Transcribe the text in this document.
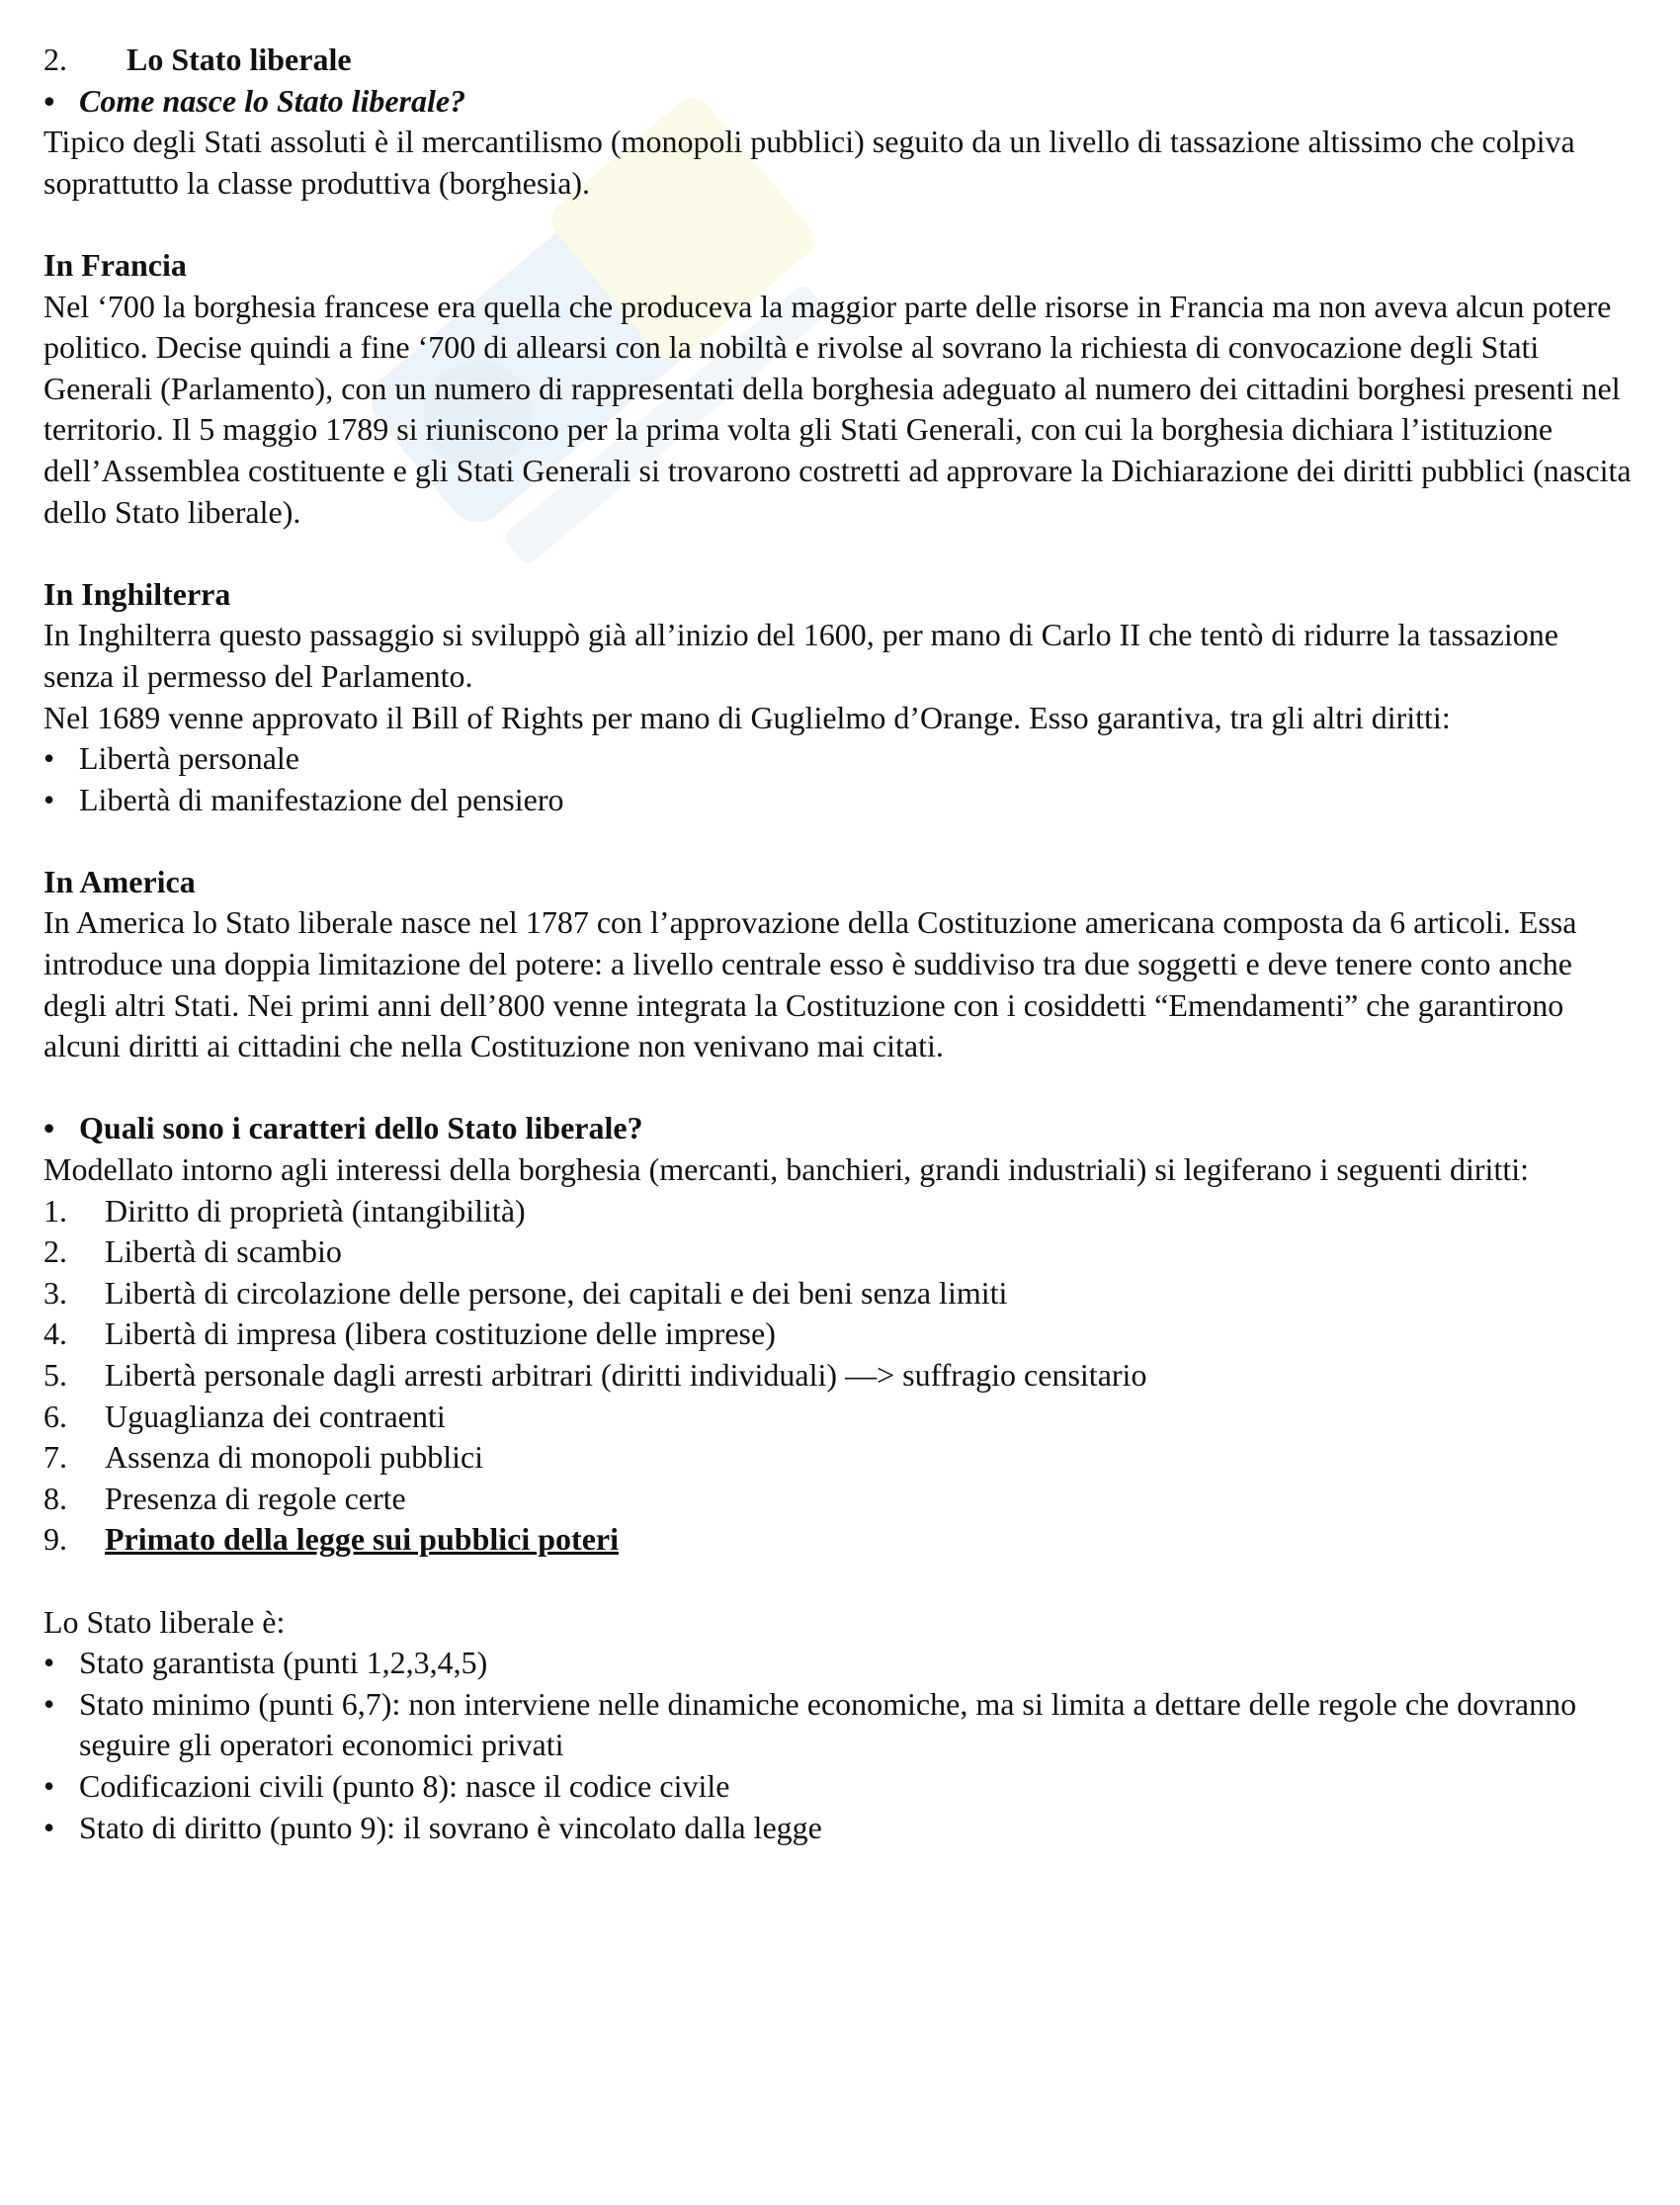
2. Lo Stato liberale

• Come nasce lo Stato liberale?

Tipico degli Stati assoluti è il mercantilismo (monopoli pubblici) seguito da un livello di tassazione altissimo che colpiva soprattutto la classe produttiva (borghesia).

In Francia

Nel ‘700 la borghesia francese era quella che produceva la maggior parte delle risorse in Francia ma non aveva alcun potere politico. Decise quindi a fine ‘700 di allearsi con la nobiltà e rivolse al sovrano la richiesta di convocazione degli Stati Generali (Parlamento), con un numero di rappresentati della borghesia adeguato al numero dei cittadini borghesi presenti nel territorio. Il 5 maggio 1789 si riuniscono per la prima volta gli Stati Generali, con cui la borghesia dichiara l’istituzione dell’Assemblea costituente e gli Stati Generali si trovarono costretti ad approvare la Dichiarazione dei diritti pubblici (nascita dello Stato liberale).

In Inghilterra

In Inghilterra questo passaggio si sviluppò già all’inizio del 1600, per mano di Carlo II che tentò di ridurre la tassazione senza il permesso del Parlamento.

Nel 1689 venne approvato il Bill of Rights per mano di Guglielmo d’Orange. Esso garantiva, tra gli altri diritti:

• Libertà personale

• Libertà di manifestazione del pensiero

In America

In America lo Stato liberale nasce nel 1787 con l’approvazione della Costituzione americana composta da 6 articoli. Essa introduce una doppia limitazione del potere: a livello centrale esso è suddiviso tra due soggetti e deve tenere conto anche degli altri Stati. Nei primi anni dell’800 venne integrata la Costituzione con i cosiddetti “Emendamenti” che garantirono alcuni diritti ai cittadini che nella Costituzione non venivano mai citati.

• Quali sono i caratteri dello Stato liberale?

Modellato intorno agli interessi della borghesia (mercanti, banchieri, grandi industriali) si legiferano i seguenti diritti:

1. Diritto di proprietà (intangibilità)

2. Libertà di scambio

3. Libertà di circolazione delle persone, dei capitali e dei beni senza limiti

4. Libertà di impresa (libera costituzione delle imprese)

5. Libertà personale dagli arresti arbitrari (diritti individuali) —> suffragio censitario

6. Uguaglianza dei contraenti

7. Assenza di monopoli pubblici

8. Presenza di regole certe

9. Primato della legge sui pubblici poteri

Lo Stato liberale è:

• Stato garantista (punti 1,2,3,4,5)

• Stato minimo (punti 6,7): non interviene nelle dinamiche economiche, ma si limita a dettare delle regole che dovranno seguire gli operatori economici privati

• Codificazioni civili (punto 8): nasce il codice civile

• Stato di diritto (punto 9): il sovrano è vincolato dalla legge
